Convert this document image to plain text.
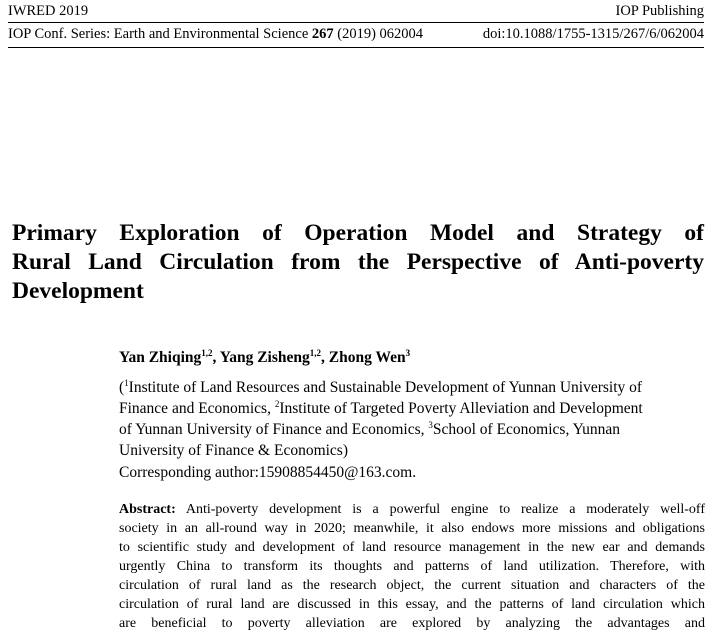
IWRED 2019	IOP Publishing
IOP Conf. Series: Earth and Environmental Science 267 (2019) 062004	doi:10.1088/1755-1315/267/6/062004
Primary Exploration of Operation Model and Strategy of
Rural Land Circulation from the Perspective of Anti-poverty
Development
Yan Zhiqing$^{1,2}$, Yang Zisheng$^{1,2}$, Zhong Wen$^3$
($^1$Institute of Land Resources and Sustainable Development of Yunnan University of
Finance and Economics, $^2$Institute of Targeted Poverty Alleviation and Development
of Yunnan University of Finance and Economics, $^3$School of Economics, Yunnan
University of Finance & Economics)
Corresponding author:15908854450@163.com.
Abstract: Anti-poverty development is a powerful engine to realize a moderately well-off
society in an all-round way in 2020; meanwhile, it also endows more missions and obligations
to scientific study and development of land resource management in the new ear and demands
urgently China to transform its thoughts and patterns of land utilization. Therefore, with
circulation of rural land as the research object, the current situation and characters of the
circulation of rural land are discussed in this essay, and the patterns of land circulation which
are beneficial to poverty alleviation are explored by analyzing the advantages and
